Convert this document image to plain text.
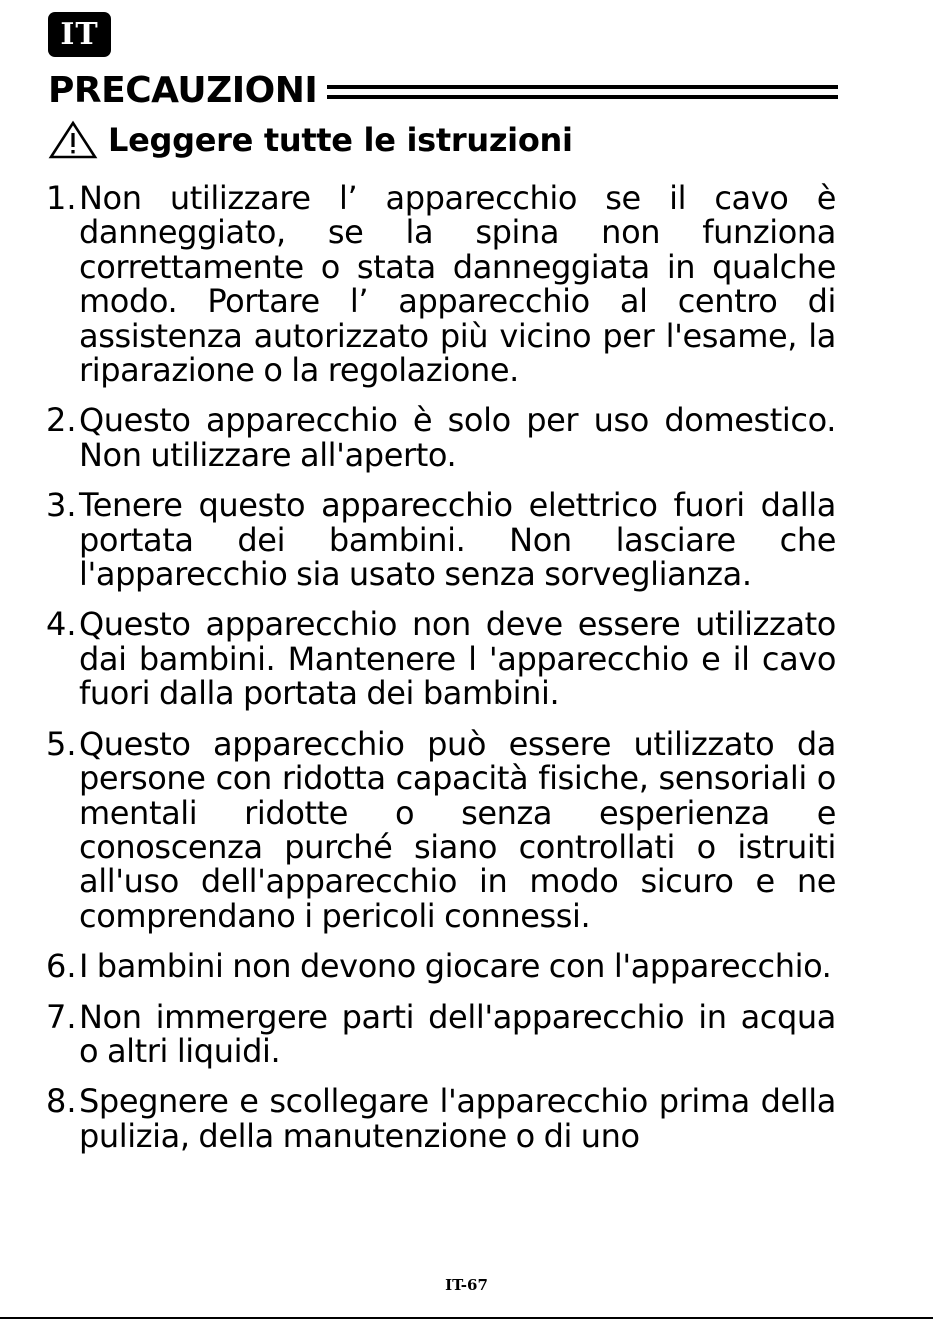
IT
PRECAUZIONI
Leggere tutte le istruzioni
1. Non utilizzare l’ apparecchio se il cavo è danneggiato, se la spina non funziona correttamente o stata danneggiata in qualche modo. Portare l’ apparecchio al centro di assistenza autorizzato più vicino per l'esame, la riparazione o la regolazione.
2. Questo apparecchio è solo per uso domestico. Non utilizzare all'aperto.
3. Tenere questo apparecchio elettrico fuori dalla portata dei bambini. Non lasciare che l'apparecchio sia usato senza sorveglianza.
4. Questo apparecchio non deve essere utilizzato dai bambini. Mantenere l 'apparecchio e il cavo fuori dalla portata dei bambini.
5. Questo apparecchio può essere utilizzato da persone con ridotta capacità fisiche, sensoriali o mentali ridotte o senza esperienza e conoscenza purché siano controllati o istruiti all'uso dell'apparecchio in modo sicuro e ne comprendano i pericoli connessi.
6. I bambini non devono giocare con l'apparecchio.
7. Non immergere parti dell'apparecchio in acqua o altri liquidi.
8. Spegnere e scollegare l'apparecchio prima della pulizia, della manutenzione o di uno
IT-67
